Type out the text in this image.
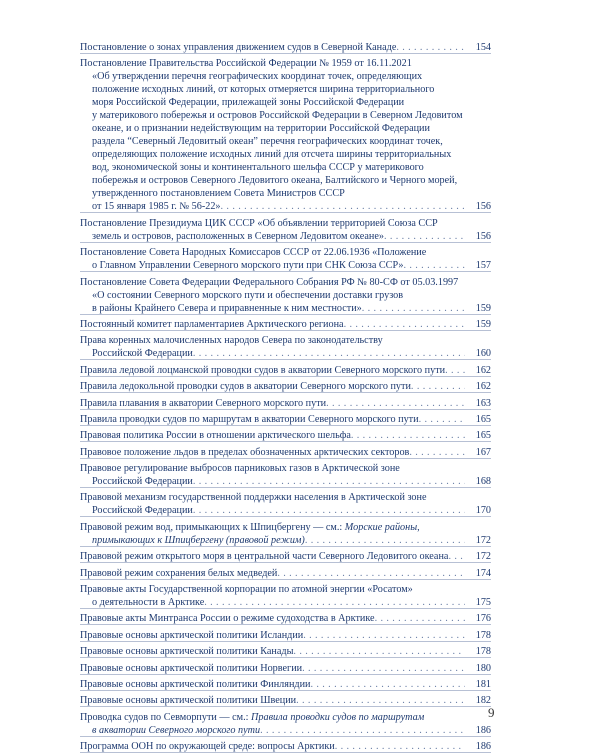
Постановление о зонах управления движением судов в Северной Канаде . . .	154
Постановление Правительства Российской Федерации № 1959 от 16.11.2021
«Об утверждении перечня географических координат точек, определяющих
положение исходных линий, от которых отмеряется ширина территориального
моря Российской Федерации, прилежащей зоны Российской Федерации
у материкового побережья и островов Российской Федерации в Северном Ледовитом
океане, и о признании недействующим на территории Российской Федерации
раздела “Северный Ледовитый океан” перечня географических координат точек,
определяющих положение исходных линий для отсчета ширины территориальных
вод, экономической зоны и континентального шельфа СССР у материкового
побережья и островов Северного Ледовитого океана, Балтийского и Черного морей,
утвержденного постановлением Совета Министров СССР
от 15 января 1985 г. № 56-22» . . .	156
Постановление Президиума ЦИК СССР «Об объявлении территорией Союза ССР
земель и островов, расположенных в Северном Ледовитом океане» . . .	156
Постановление Совета Народных Комиссаров СССР от 22.06.1936 «Положение
о Главном Управлении Северного морского пути при СНК Союза ССР» . . .	157
Постановление Совета Федерации Федерального Собрания РФ № 80-СФ от 05.03.1997
«О состоянии Северного морского пути и обеспечении доставки грузов
в районы Крайнего Севера и приравненные к ним местности» . . .	159
Постоянный комитет парламентариев Арктического региона . . .	159
Права коренных малочисленных народов Севера по законодательству
Российской Федерации . . .	160
Правила ледовой лоцманской проводки судов в акватории Северного морского пути . . .	162
Правила ледокольной проводки судов в акватории Северного морского пути . . .	162
Правила плавания в акватории Северного морского пути . . .	163
Правила проводки судов по маршрутам в акватории Северного морского пути . . .	165
Правовая политика России в отношении арктического шельфа . . .	165
Правовое положение льдов в пределах обозначенных арктических секторов . . .	167
Правовое регулирование выбросов парниковых газов в Арктической зоне
Российской Федерации . . .	168
Правовой механизм государственной поддержки населения в Арктической зоне
Российской Федерации . . .	170
Правовой режим вод, примыкающих к Шпицбергену — см.: Морские районы,
примыкающих к Шпицбергену (правовой режим) . . .	172
Правовой режим открытого моря в центральной части Северного Ледовитого океана . . .	172
Правовой режим сохранения белых медведей . . .	174
Правовые акты Государственной корпорации по атомной энергии «Росатом»
о деятельности в Арктике . . .	175
Правовые акты Минтранса России о режиме судоходства в Арктике . . .	176
Правовые основы арктической политики Исландии . . .	178
Правовые основы арктической политики Канады . . .	178
Правовые основы арктической политики Норвегии . . .	180
Правовые основы арктической политики Финляндии . . .	181
Правовые основы арктической политики Швеции . . .	182
Проводка судов по Севморпути — см.: Правила проводки судов по маршрутам
в акватории Северного морского пути . . .	186
Программа ООН по окружающей среде: вопросы Арктики . . .	186
9
